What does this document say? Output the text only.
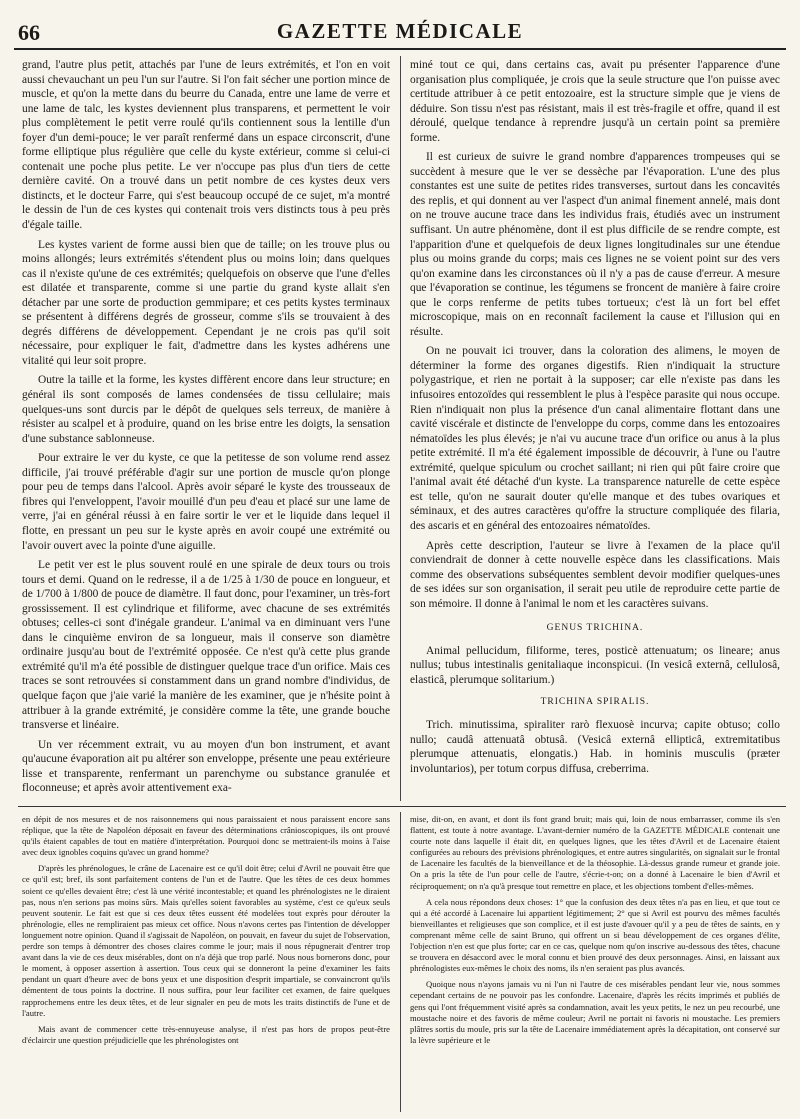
66	GAZETTE MÉDICALE

grand, l'autre plus petit, attachés par l'une de leurs extrémités, et l'on en voit aussi chevauchant un peu l'un sur l'autre. Si l'on fait sécher une portion mince de muscle, et qu'on la mette dans du beurre du Canada, entre une lame de verre et une lame de talc, les kystes deviennent plus transparens, et permettent le voir plus complètement le petit verre roulé qu'ils contiennent sous la lentille d'un foyer d'un demi-pouce; le ver paraît renfermé dans un espace circonscrit, d'une forme elliptique plus régulière que celle du kyste extérieur, comme si celui-ci contenait une poche plus petite. Le ver n'occupe pas plus d'un tiers de cette dernière cavité. On a trouvé dans un petit nombre de ces kystes deux vers distincts, et le docteur Farre, qui s'est beaucoup occupé de ce sujet, m'a montré le dessin de l'un de ces kystes qui contenait trois vers distincts tous à peu près d'égale taille.

Les kystes varient de forme aussi bien que de taille; on les trouve plus ou moins allongés; leurs extrémités s'étendent plus ou moins loin; dans quelques cas il n'existe qu'une de ces extrémités; quelquefois on observe que l'une d'elles est dilatée et transparente, comme si une partie du grand kyste allait s'en détacher par une sorte de production gemmipare; et ces petits kystes terminaux se présentent à différens degrés de grosseur, comme s'ils se trouvaient à des degrés différens de développement. Cependant je ne crois pas qu'il soit nécessaire, pour expliquer le fait, d'admettre dans les kystes adhérens une vitalité qui leur soit propre.

Outre la taille et la forme, les kystes diffèrent encore dans leur structure; en général ils sont composés de lames condensées de tissu cellulaire; mais quelques-uns sont durcis par le dépôt de quelques sels terreux, de manière à résister au scalpel et à produire, quand on les brise entre les doigts, la sensation d'une substance sablonneuse.

Pour extraire le ver du kyste, ce que la petitesse de son volume rend assez difficile, j'ai trouvé préférable d'agir sur une portion de muscle qu'on plonge pour peu de temps dans l'alcool. Après avoir séparé le kyste des trousseaux de fibres qui l'enveloppent, l'avoir mouillé d'un peu d'eau et placé sur une lame de verre, j'ai en général réussi à en faire sortir le ver et le liquide dans lequel il flotte, en pressant un peu sur le kyste après en avoir coupé une extrémité ou l'avoir ouvert avec la pointe d'une aiguille.

Le petit ver est le plus souvent roulé en une spirale de deux tours ou trois tours et demi. Quand on le redresse, il a de 1/25 à 1/30 de pouce en longueur, et de 1/700 à 1/800 de pouce de diamètre. Il faut donc, pour l'examiner, un très-fort grossissement. Il est cylindrique et filiforme, avec chacune de ses extrémités obtuses; celles-ci sont d'inégale grandeur. L'animal va en diminuant vers l'une dans le cinquième environ de sa longueur, mais il conserve son diamètre ordinaire jusqu'au bout de l'extrémité opposée. Ce n'est qu'à cette plus grande extrémité qu'il m'a été possible de distinguer quelque trace d'un orifice. Mais ces traces se sont retrouvées si constamment dans un grand nombre d'individus, de quelque façon que j'aie varié la manière de les examiner, que je n'hésite point à attribuer à la grande extrémité, je considère comme la tête, une grande bouche transverse et linéaire.

Un ver récemment extrait, vu au moyen d'un bon instrument, et avant qu'aucune évaporation ait pu altérer son enveloppe, présente une peau extérieure lisse et transparente, renfermant un parenchyme ou substance granulée et floconneuse; et après avoir attentivement exa-

miné tout ce qui, dans certains cas, avait pu présenter l'apparence d'une organisation plus compliquée, je crois que la seule structure que l'on puisse avec certitude attribuer à ce petit entozoaire, est la structure simple que je viens de déduire. Son tissu n'est pas résistant, mais il est très-fragile et offre, quand il est déroulé, quelque tendance à reprendre jusqu'à un certain point sa première forme.

Il est curieux de suivre le grand nombre d'apparences trompeuses qui se succèdent à mesure que le ver se dessèche par l'évaporation. L'une des plus constantes est une suite de petites rides transverses, surtout dans les concavités des replis, et qui donnent au ver l'aspect d'un animal finement annelé, mais dont on ne trouve aucune trace dans les individus frais, étudiés avec un instrument suffisant. Un autre phénomène, dont il est plus difficile de se rendre compte, est l'apparition d'une et quelquefois de deux lignes longitudinales sur une étendue plus ou moins grande du corps; mais ces lignes ne se voient point sur des vers qu'on examine dans les circonstances où il n'y a pas de cause d'erreur. A mesure que l'évaporation se continue, les tégumens se froncent de manière à faire croire que le corps renferme de petits tubes tortueux; c'est là un fort bel effet microscopique, mais on en reconnaît facilement la cause et l'illusion qui en résulte.

On ne pouvait ici trouver, dans la coloration des alimens, le moyen de déterminer la forme des organes digestifs. Rien n'indiquait la structure polygastrique, et rien ne portait à la supposer; car elle n'existe pas dans les infusoires entozoïdes qui ressemblent le plus à l'espèce parasite qui nous occupe. Rien n'indiquait non plus la présence d'un canal alimentaire flottant dans une cavité viscérale et distincte de l'enveloppe du corps, comme dans les entozoaires nématoïdes les plus élevés; je n'ai vu aucune trace d'un orifice ou anus à la plus petite extrémité. Il m'a été également impossible de découvrir, à l'une ou l'autre extrémité, quelque spiculum ou crochet saillant; ni rien qui pût faire croire que l'animal avait été détaché d'un kyste. La transparence naturelle de cette espèce est telle, qu'on ne saurait douter qu'elle manque et des tubes ovariques et séminaux, et des autres caractères qu'offre la structure compliquée des filaria, des ascaris et en général des entozoaires nématoïdes.

Après cette description, l'auteur se livre à l'examen de la place qu'il conviendrait de donner à cette nouvelle espèce dans les classifications. Mais comme des observations subséquentes semblent devoir modifier quelques-unes de ses idées sur son organisation, il serait peu utile de reproduire cette partie de son mémoire. Il donne à l'animal le nom et les caractères suivans.

GENUS TRICHINA.

Animal pellucidum, filiforme, teres, posticè attenuatum; os lineare; anus nullus; tubus intestinalis genitaliaque inconspicui. (In vesicâ externâ, cellulosâ, elasticâ, plerumque solitarium.)

TRICHINA SPIRALIS.

Trich. minutissima, spiraliter rarò flexuosè incurva; capite obtuso; collo nullo; caudâ attenuatâ obtusâ. (Vesicâ externâ ellipticâ, extremitatibus plerumque attenuatis, elongatis.) Hab. in hominis musculis (præter involuntarios), per totum corpus diffusa, creberrima.

en dépit de nos mesures et de nos raisonnemens qui nous paraissaient et nous paraissent encore sans réplique, que la tête de Napoléon déposait en faveur des déterminations crânioscopiques, ils ont prouvé qu'ils étaient capables de tout en matière d'interprétation. Pourquoi donc se mettraient-ils moins à l'aise avec deux ignobles coquins qu'avec un grand homme?

D'après les phrénologues, le crâne de Lacenaire est ce qu'il doit être; celui d'Avril ne pouvait être que ce qu'il est; bref, ils sont parfaitement contens de l'un et de l'autre. Que les têtes de ces deux hommes soient ce qu'elles devaient être; c'est là une vérité incontestable; et quand les phrénologistes ne le diraient pas, nous n'en serions pas moins sûrs. Mais qu'elles soient favorables au système, c'est ce qu'eux seuls peuvent soutenir. Le fait est que si ces deux têtes eussent été modelées tout exprès pour dérouter la phrénologie, elles ne rempliraient pas mieux cet office. Nous n'avons certes pas l'intention de développer longuement notre opinion. Quand il s'agissait de Napoléon, on pouvait, en faveur du sujet de l'observation, perdre son temps à démontrer des choses claires comme le jour; mais il nous répugnerait d'entrer trop avant dans la vie de ces deux misérables, dont on n'a déjà que trop parlé. Nous nous bornerons donc, pour le moment, à opposer assertion à assertion. Tous ceux qui se donneront la peine d'examiner les faits pendant un quart d'heure avec de bons yeux et une disposition d'esprit impartiale, se convaincront qu'ils démentent de tous points la doctrine. Il nous suffira, pour leur faciliter cet examen, de faire quelques rapprochemens entre les deux têtes, et de leur signaler en peu de mots les traits distinctifs de l'une et de l'autre.

Mais avant de commencer cette très-ennuyeuse analyse, il n'est pas hors de propos peut-être d'éclaircir une question préjudicielle que les phrénologistes ont

mise, dit-on, en avant, et dont ils font grand bruit; mais qui, loin de nous embarrasser, comme ils s'en flattent, est toute à notre avantage. L'avant-dernier numéro de la GAZETTE MÉDICALE contenait une courte note dans laquelle il était dit, en quelques lignes, que les têtes d'Avril et de Lacenaire étaient configurées au rebours des prévisions phrénologiques, et entre autres singularités, on signalait sur le frontal de Lacenaire les facultés de la bienveillance et de la théosophie. Là-dessus grande rumeur et grande joie. On a pris la tête de l'un pour celle de l'autre, s'écrie-t-on; on a donné à Lacenaire le bien d'Avril et réciproquement; on n'a qu'à presque tout remettre en place, et les objections tombent d'elles-mêmes.

A cela nous répondons deux choses: 1° que la confusion des deux têtes n'a pas en lieu, et que tout ce qui a été accordé à Lacenaire lui appartient légitimement; 2° que si Avril est pourvu des mêmes facultés bienveillantes et religieuses que son complice, et il est juste d'avouer qu'il y a peu de têtes de saints, en y comprenant même celle de saint Bruno, qui offrent un si beau développement de ces organes d'élite, l'objection n'en est que plus forte; car en ce cas, quelque nom qu'on inscrive au-dessous des têtes, chacune se trouvera en désaccord avec le moral connu et bien prouvé des deux personnages. Ainsi, en laissant aux phrénologistes eux-mêmes le choix des noms, ils n'en seraient pas plus avancés.

Quoique nous n'ayons jamais vu ni l'un ni l'autre de ces misérables pendant leur vie, nous sommes cependant certains de ne pouvoir pas les confondre. Lacenaire, d'après les récits imprimés et publiés de gens qui l'ont fréquemment visité après sa condamnation, avait les yeux petits, le nez un peu recourbé, une moustache noire et des favoris de même couleur; Avril ne portait ni favoris ni moustache. Les premiers plâtres sortis du moule, pris sur la tête de Lacenaire immédiatement après la décapitation, ont conservé sur la lèvre supérieure et le
